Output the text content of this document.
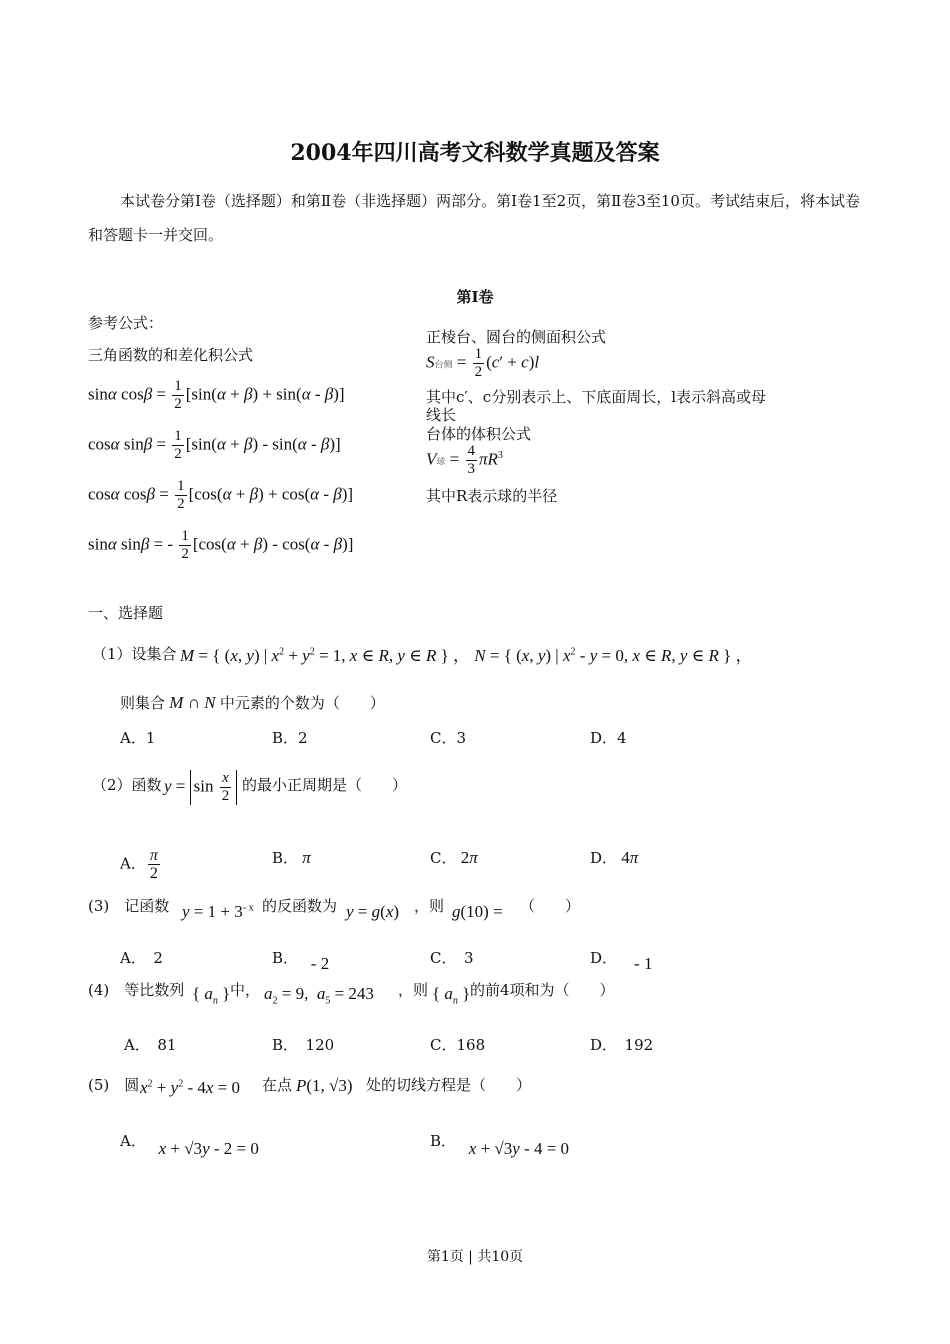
2004年四川高考文科数学真题及答案
本试卷分第Ⅰ卷（选择题）和第Ⅱ卷（非选择题）两部分。第Ⅰ卷1至2页，第Ⅱ卷3至10页。考试结束后，将本试卷和答题卡一并交回。
第Ⅰ卷
参考公式：
三角函数的和差化积公式
sinα $\cos\beta = \frac{1}{2} [\sin(\alpha + \beta) + \sin(\alpha - \beta)]$
cosα $\sin\beta = \frac{1}{2} [\sin(\alpha + \beta) - \sin(\alpha - \beta)]$
cosα $\cos\beta = \frac{1}{2} [\cos(\alpha + \beta) + \cos(\alpha - \beta)]$
sinα sinβ = - $\frac{1}{2} [\cos(\alpha + \beta) - \cos(\alpha - \beta)]$
正棱台、圆台的侧面积公式
S台侧 = $\frac{1}{2} (c' + c)l$
其中c′、c分别表示上、下底面周长，l表示斜高或母线长
台体的体积公式
V球 = $\frac{4}{3} \pi R^3$
其中R表示球的半径
一、选择题
（1）设集合 M = { (x, y) | $x^2 + y^2 = 1$, x ∈ R, y ∈ R } ， N = { (x, y) | $x^2 - y = 0$, x ∈ R, y ∈ R } ，
则集合 M ∩ N 中元素的个数为（　　）
A．1	B．2	C．3	D．4
（2）函数 $y = \sin \frac{x}{2}$ 的最小正周期是（　　）
A． $\frac{\pi}{2}$	B． π	C． 2π	D． 4π
(3)　记函数 $y = 1 + 3^{- x}$ 的反函数为 y = g(x) ，则 g(10) = （　　）
A．　2	B．   - 2	C．　3	D．    - 1
(4)　等比数列 { $a_n$ } 中， $a_2 = 9$,  $a_5 = 243$ ，则 { $a_n$ } 的前4项和为（　　）
A．　81	B．　120	C．168	D．　192
(5)　圆 $x^2 + y^2 - 4x = 0$ 在点 P(1, √3) 处的切线方程是（　　）
A． x + √3y - 2 = 0	B． x + √3y - 4 = 0
第1页 | 共10页
